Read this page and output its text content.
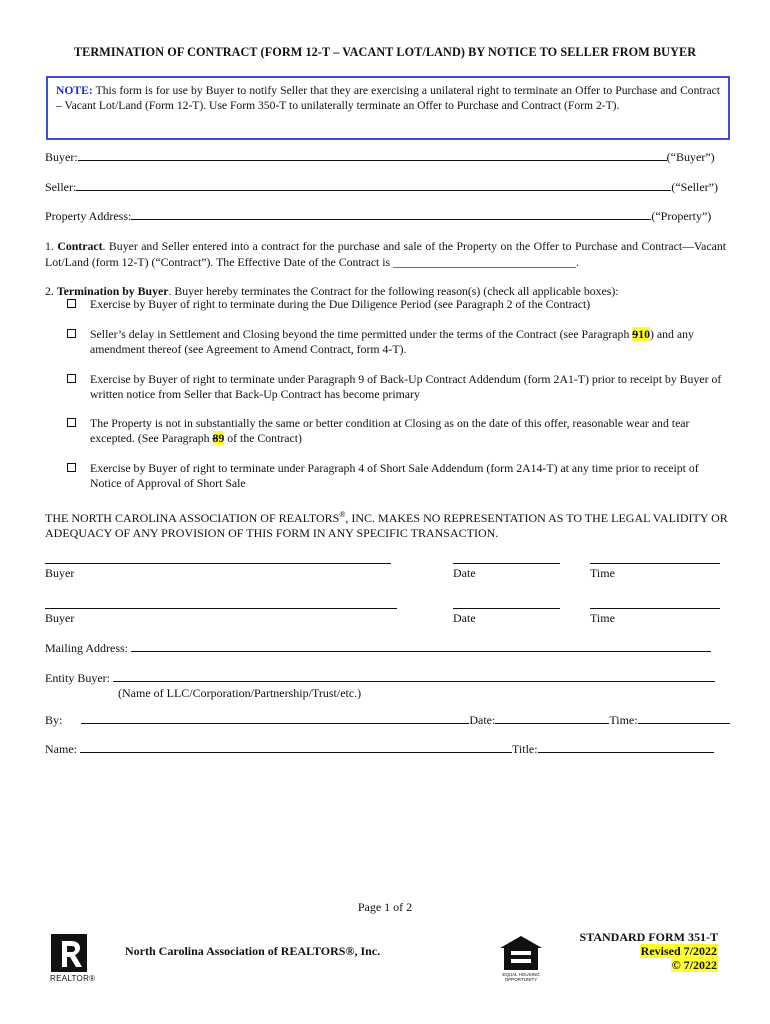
TERMINATION OF CONTRACT (FORM 12-T – VACANT LOT/LAND) BY NOTICE TO SELLER FROM BUYER
NOTE: This form is for use by Buyer to notify Seller that they are exercising a unilateral right to terminate an Offer to Purchase and Contract – Vacant Lot/Land (Form 12-T). Use Form 350-T to unilaterally terminate an Offer to Purchase and Contract (Form 2-T).
Buyer:	(“Buyer”)
Seller:	(“Seller”)
Property Address:	(“Property”)
1. Contract. Buyer and Seller entered into a contract for the purchase and sale of the Property on the Offer to Purchase and Contract—Vacant Lot/Land (form 12-T) (“Contract”). The Effective Date of the Contract is _______________________________.
2. Termination by Buyer. Buyer hereby terminates the Contract for the following reason(s) (check all applicable boxes):
Exercise by Buyer of right to terminate during the Due Diligence Period (see Paragraph 2 of the Contract)
Seller’s delay in Settlement and Closing beyond the time permitted under the terms of the Contract (see Paragraph 910) and any amendment thereof (see Agreement to Amend Contract, form 4-T).
Exercise by Buyer of right to terminate under Paragraph 9 of Back-Up Contract Addendum (form 2A1-T) prior to receipt by Buyer of written notice from Seller that Back-Up Contract has become primary
The Property is not in substantially the same or better condition at Closing as on the date of this offer, reasonable wear and tear excepted. (See Paragraph 89 of the Contract)
Exercise by Buyer of right to terminate under Paragraph 4 of Short Sale Addendum (form 2A14-T) at any time prior to receipt of Notice of Approval of Short Sale
THE NORTH CAROLINA ASSOCIATION OF REALTORS®, INC. MAKES NO REPRESENTATION AS TO THE LEGAL VALIDITY OR ADEQUACY OF ANY PROVISION OF THIS FORM IN ANY SPECIFIC TRANSACTION.
Buyer	Date	Time
Buyer	Date	Time
Mailing Address:
Entity Buyer:
(Name of LLC/Corporation/Partnership/Trust/etc.)
By:	Date:	Time:
Name:	Title:
Page 1 of 2
REALTOR®
North Carolina Association of REALTORS®, Inc.
EQUAL HOUSING OPPORTUNITY
STANDARD FORM 351-T
Revised 7/2022
© 7/2022
